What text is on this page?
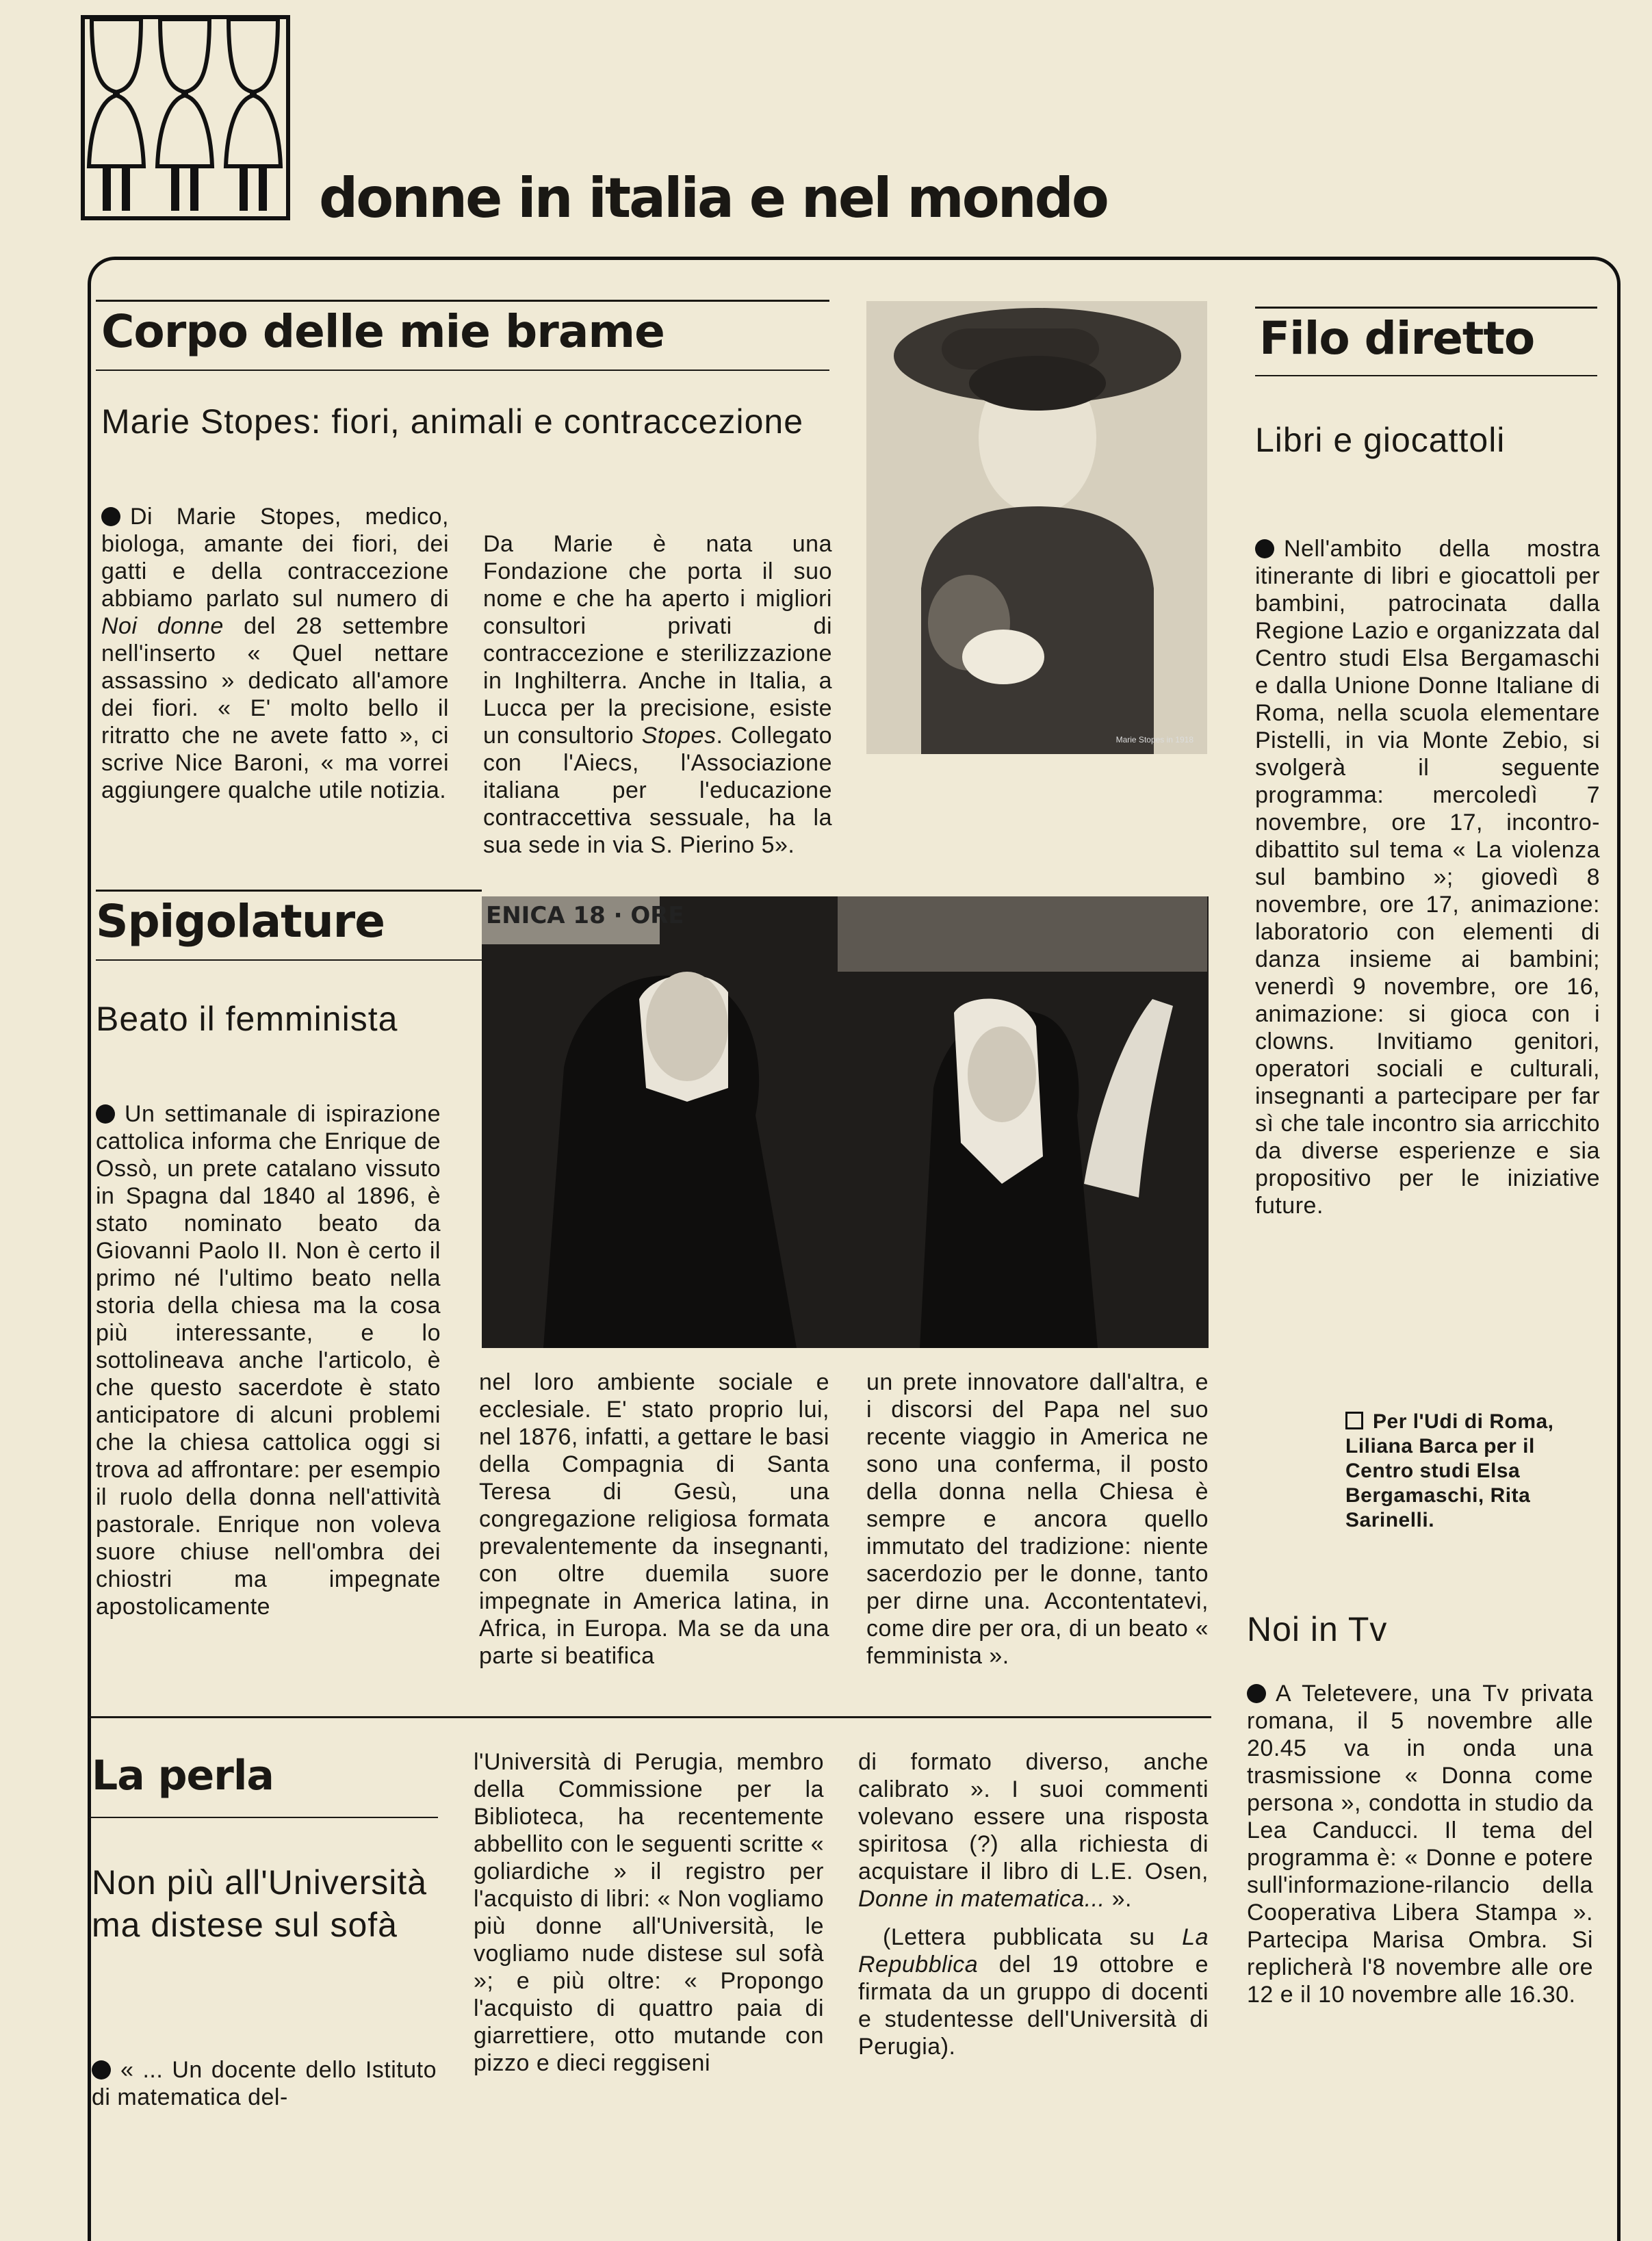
donne in italia e nel mondo
Corpo delle mie brame
Marie Stopes: fiori, animali e contraccezione
Di Marie Stopes, medico, biologa, amante dei fiori, dei gatti e della contraccezione abbiamo parlato sul numero di Noi donne del 28 settembre nell'inserto « Quel nettare assassino » dedicato all'amore dei fiori. « E' molto bello il ritratto che ne avete fatto », ci scrive Nice Baroni, « ma vorrei aggiungere qualche utile notizia.
Da Marie è nata una Fondazione che porta il suo nome e che ha aperto i migliori consultori privati di contraccezione e sterilizzazione in Inghilterra. Anche in Italia, a Lucca per la precisione, esiste un consultorio Stopes. Collegato con l'Aiecs, l'Associazione italiana per l'educazione contraccettiva sessuale, ha la sua sede in via S. Pierino 5».
Marie Stopes in 1918
Spigolature
Beato il femminista
ENICA 18 · ORE
Un settimanale di ispirazione cattolica informa che Enrique de Ossò, un prete catalano vissuto in Spagna dal 1840 al 1896, è stato nominato beato da Giovanni Paolo II. Non è certo il primo né l'ultimo beato nella storia della chiesa ma la cosa più interessante, e lo sottolineava anche l'articolo, è che questo sacerdote è stato anticipatore di alcuni problemi che la chiesa cattolica oggi si trova ad affrontare: per esempio il ruolo della donna nell'attività pastorale. Enrique non voleva suore chiuse nell'ombra dei chiostri ma impegnate apostolicamente
nel loro ambiente sociale e ecclesiale. E' stato proprio lui, nel 1876, infatti, a gettare le basi della Compagnia di Santa Teresa di Gesù, una congregazione religiosa formata prevalentemente da insegnanti, con oltre duemila suore impegnate in America latina, in Africa, in Europa. Ma se da una parte si beatifica
un prete innovatore dall'altra, e i discorsi del Papa nel suo recente viaggio in America ne sono una conferma, il posto della donna nella Chiesa è sempre e ancora quello immutato del tradizione: niente sacerdozio per le donne, tanto per dirne una. Accontentatevi, come dire per ora, di un beato « femminista ».
La perla
Non più all'Università ma distese sul sofà
« ... Un docente dello Istituto di matematica del-
l'Università di Perugia, membro della Commissione per la Biblioteca, ha recentemente abbellito con le seguenti scritte « goliardiche » il registro per l'acquisto di libri: « Non vogliamo più donne all'Università, le vogliamo nude distese sul sofà »; e più oltre: « Propongo l'acquisto di quattro paia di giarrettiere, otto mutande con pizzo e dieci reggiseni

di formato diverso, anche calibrato ». I suoi commenti volevano essere una risposta spiritosa (?) alla richiesta di acquistare il libro di L.E. Osen, Donne in matematica... ».

(Lettera pubblicata su La Repubblica del 19 ottobre e firmata da un gruppo di docenti e studentesse dell'Università di Perugia).

Filo diretto
Libri e giocattoli
Nell'ambito della mostra itinerante di libri e giocattoli per bambini, patrocinata dalla Regione Lazio e organizzata dal Centro studi Elsa Bergamaschi e dalla Unione Donne Italiane di Roma, nella scuola elementare Pistelli, in via Monte Zebio, si svolgerà il seguente programma: mercoledì 7 novembre, ore 17, incontro-dibattito sul tema « La violenza sul bambino »; giovedì 8 novembre, ore 17, animazione: laboratorio con elementi di danza insieme ai bambini; venerdì 9 novembre, ore 16, animazione: si gioca con i clowns. Invitiamo genitori, operatori sociali e culturali, insegnanti a partecipare per far sì che tale incontro sia arricchito da diverse esperienze e sia propositivo per le iniziative future.
Per l'Udi di Roma, Liliana Barca per il Centro studi Elsa Bergamaschi, Rita Sarinelli.
Noi in Tv
A Teletevere, una Tv privata romana, il 5 novembre alle 20.45 va in onda una trasmissione « Donna come persona », condotta in studio da Lea Canducci. Il tema del programma è: « Donne e potere sull'informazione-rilancio della Cooperativa Libera Stampa ». Partecipa Marisa Ombra. Si replicherà l'8 novembre alle ore 12 e il 10 novembre alle 16.30.
